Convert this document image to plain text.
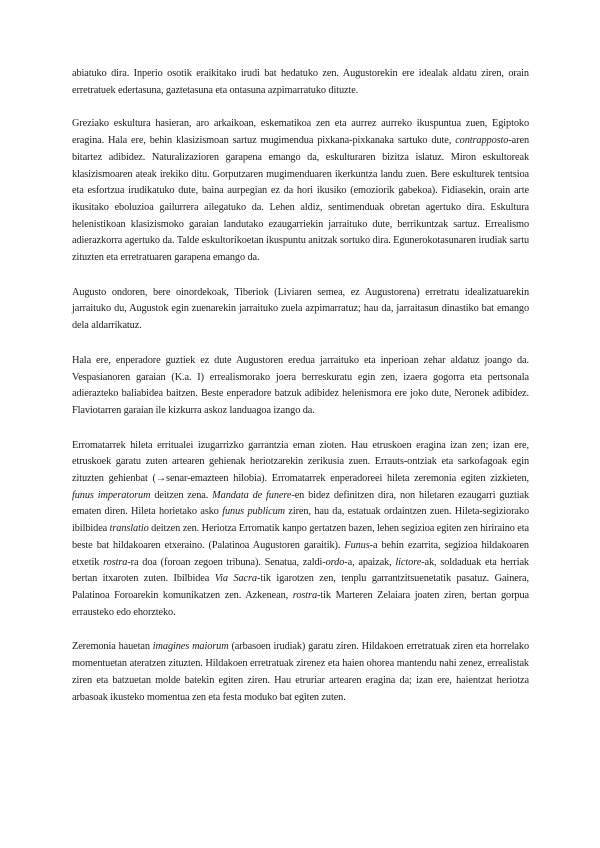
abiatuko dira. Inperio osotik eraikitako irudi bat hedatuko zen. Augustorekin ere idealak aldatu ziren, orain erretratuek edertasuna, gaztetasuna eta ontasuna azpimarratuko dituzte.

Greziako eskultura hasieran, aro arkaikoan, eskematikoa zen eta aurrez aurreko ikuspuntua zuen, Egiptoko eragina. Hala ere, behin klasizismoan sartuz mugimendua pixkana-pixkanaka sartuko dute, contrapposto-aren bitartez adibidez. Naturalizazioren garapena emango da, eskulturaren bizitza islatuz. Miron eskultoreak klasizismoaren ateak irekiko ditu. Gorputzaren mugimenduaren ikerkuntza landu zuen. Bere eskulturek tentsioa eta esfortzua irudikatuko dute, baina aurpegian ez da hori ikusiko (emoziorik gabekoa). Fidiasekin, orain arte ikusitako eboluzioa gailurrera ailegatuko da. Lehen aldiz, sentimenduak obretan agertuko dira. Eskultura helenistikoan klasizismoko garaian landutako ezaugarriekin jarraituko dute, berrikuntzak sartuz. Errealismo adierazkorra agertuko da. Talde eskultorikoetan ikuspuntu anitzak sortuko dira. Egunerokotasunaren irudiak sartu zituzten eta erretratuaren garapena emango da.

Augusto ondoren, bere oinordekoak, Tiberiok (Liviaren semea, ez Augustorena) erretratu idealizatuarekin jarraituko du, Augustok egin zuenarekin jarraituko zuela azpimarratuz; hau da, jarraitasun dinastiko bat emango dela aldarrikatuz.

Hala ere, enperadore guztiek ez dute Augustoren eredua jarraituko eta inperioan zehar aldatuz joango da. Vespasianoren garaian (K.a. I) errealismorako joera berreskuratu egin zen, izaera gogorra eta pertsonala adierazteko baliabidea baitzen. Beste enperadore batzuk adibidez helenismora ere joko dute, Neronek adibidez. Flaviotarren garaian ile kizkurra askoz landuagoa izango da.

Erromatarrek hileta erritualei izugarrizko garrantzia eman zioten. Hau etruskoen eragina izan zen; izan ere, etruskoek garatu zuten artearen gehienak heriotzarekin zerikusia zuen. Errauts-ontziak eta sarkofagoak egin zituzten gehienbat (→senar-emazteen hilobia). Erromatarrek enperadoreei hileta zeremonia egiten zizkieten, funus imperatorum deitzen zena. Mandata de funere-en bidez definitzen dira, non hiletaren ezaugarri guztiak ematen diren. Hileta horietako asko funus publicum ziren, hau da, estatuak ordaintzen zuen. Hileta-segiziorako ibilbidea translatio deitzen zen. Heriotza Erromatik kanpo gertatzen bazen, lehen segizioa egiten zen hiriraino eta beste bat hildakoaren etxeraino. (Palatinoa Augustoren garaitik). Funus-a behin ezarrita, segizioa hildakoaren etxetik rostra-ra doa (foroan zegoen tribuna). Senatua, zaldi-ordo-a, apaizak, lictore-ak, soldaduak eta herriak bertan itxaroten zuten. Ibilbidea Via Sacra-tik igarotzen zen, tenplu garrantzitsuenetatik pasatuz. Gainera, Palatinoa Foroarekin komunikatzen zen. Azkenean, rostra-tik Marteren Zelaiara joaten ziren, bertan gorpua errausteko edo ehorzteko.

Zeremonia hauetan imagines maiorum (arbasoen irudiak) garatu ziren. Hildakoen erretratuak ziren eta horrelako momentuetan ateratzen zituzten. Hildakoen erretratuak zirenez eta haien ohorea mantendu nahi zenez, errealistak ziren eta batzuetan molde batekin egiten ziren. Hau etruriar artearen eragina da; izan ere, haientzat heriotza arbasoak ikusteko momentua zen eta festa moduko bat egiten zuten.
